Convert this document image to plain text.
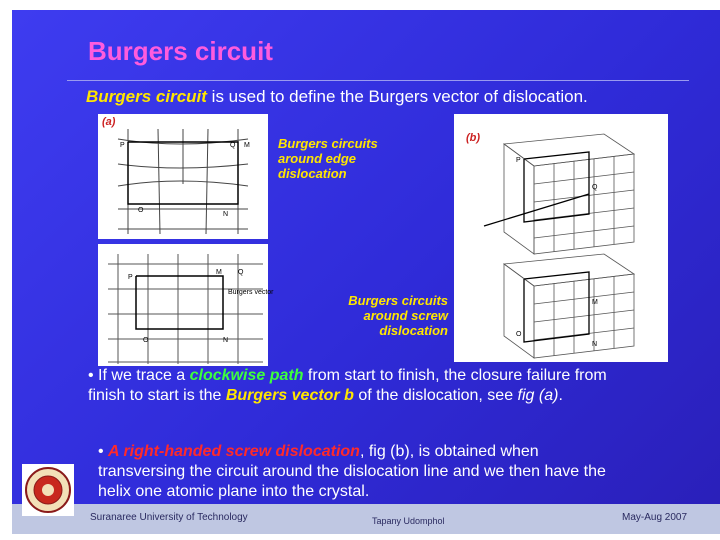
Burgers circuit
Burgers circuit is used to define the Burgers vector of dislocation.
(a)
P	Q M
O
N
P
M Q
O	N
Burgers vector
Burgers circuits
around edge
dislocation
Burgers circuits
around screw
dislocation
(b)
P
Q
M
O
N
• If we trace a clockwise path from start to finish, the closure failure from finish to start is the Burgers vector b of the dislocation, see fig (a).
• A right-handed screw dislocation, fig (b), is obtained when transversing the circuit around the dislocation line and we then have the helix one atomic plane into the crystal.
Suranaree University of Technology	Tapany Udomphol	May-Aug 2007
